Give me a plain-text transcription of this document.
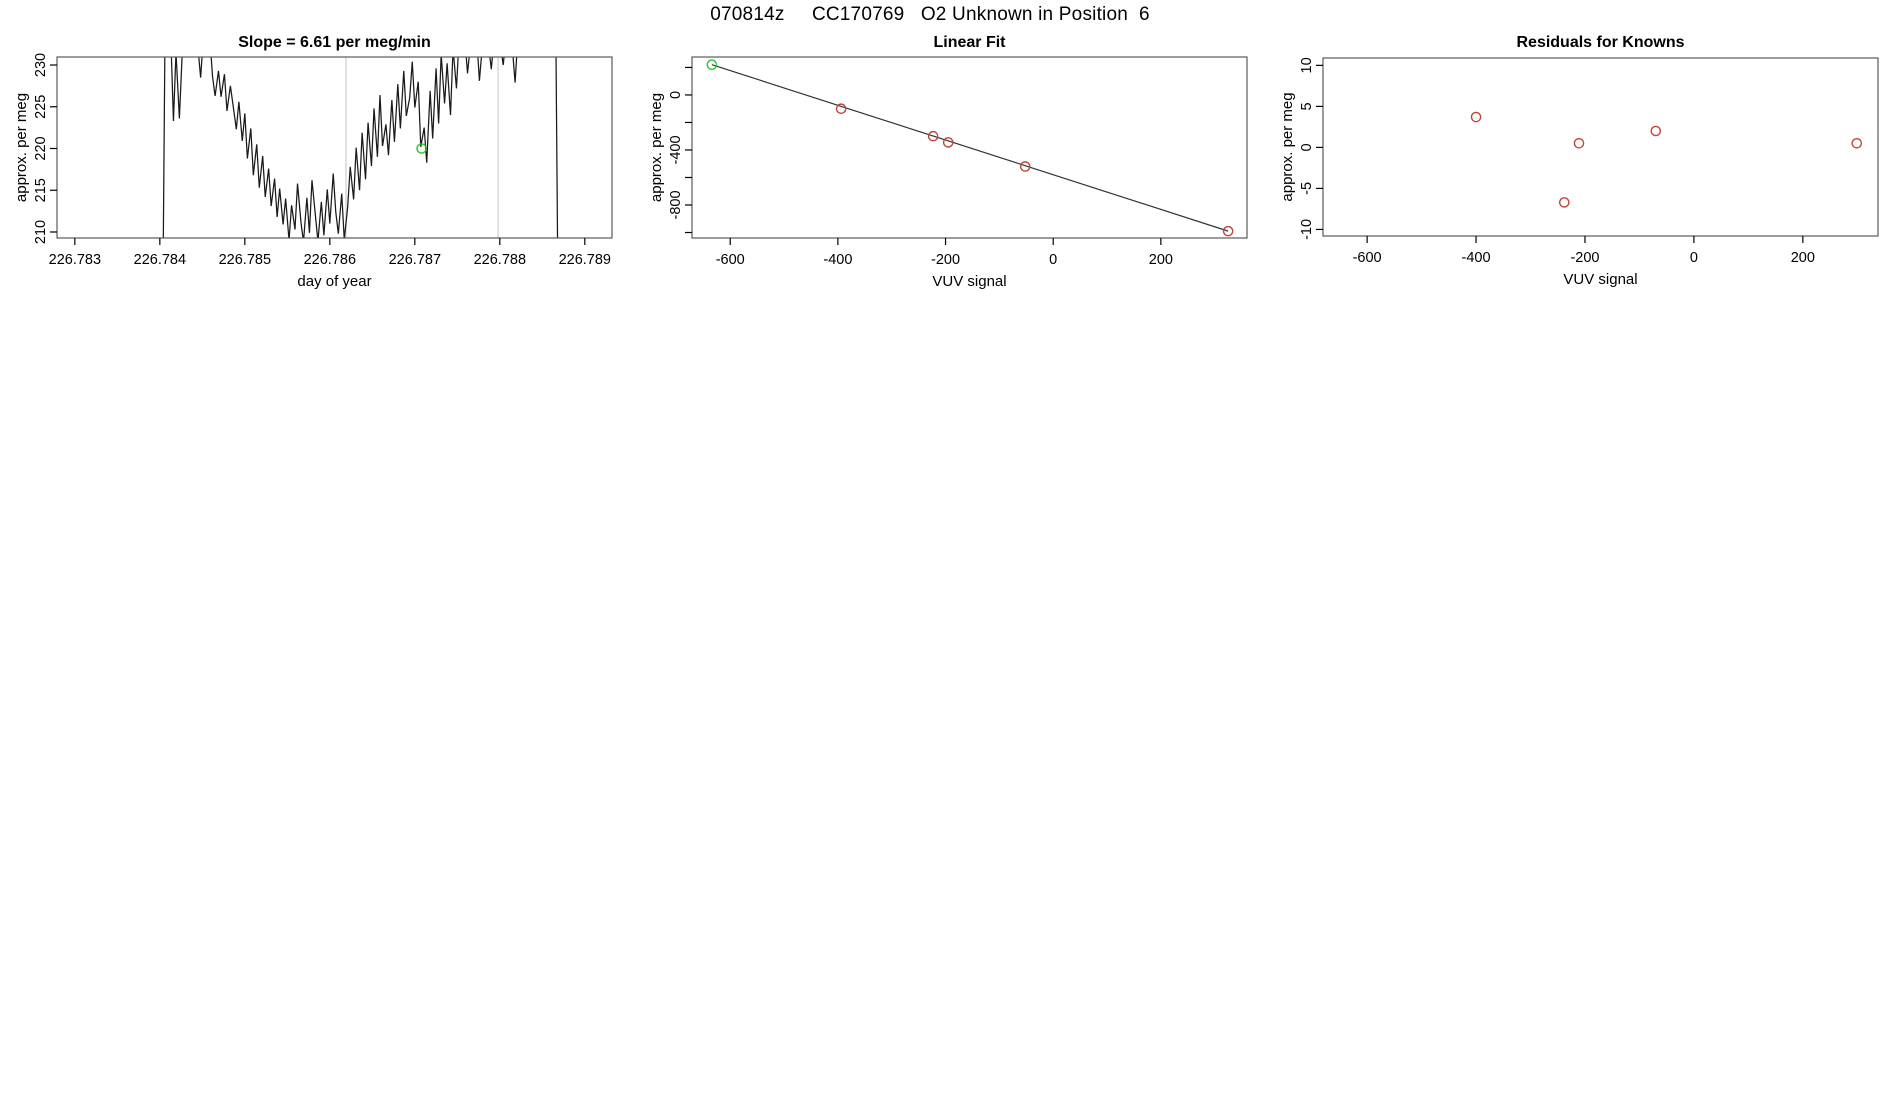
070814z     CC170769   O2 Unknown in Position  6
226.783 226.784 226.785 226.786 226.787 226.788 226.789
210
215
220
225
230
day of year
approx. per meg
Slope = 6.61 per meg/min
-600	-400	-200	0	200
0
-400
-800
VUV signal
approx. per meg
Linear Fit
-600	-400	-200	0	200
-10
-5
0
5
10
VUV signal
approx. per meg
Residuals for Knowns
